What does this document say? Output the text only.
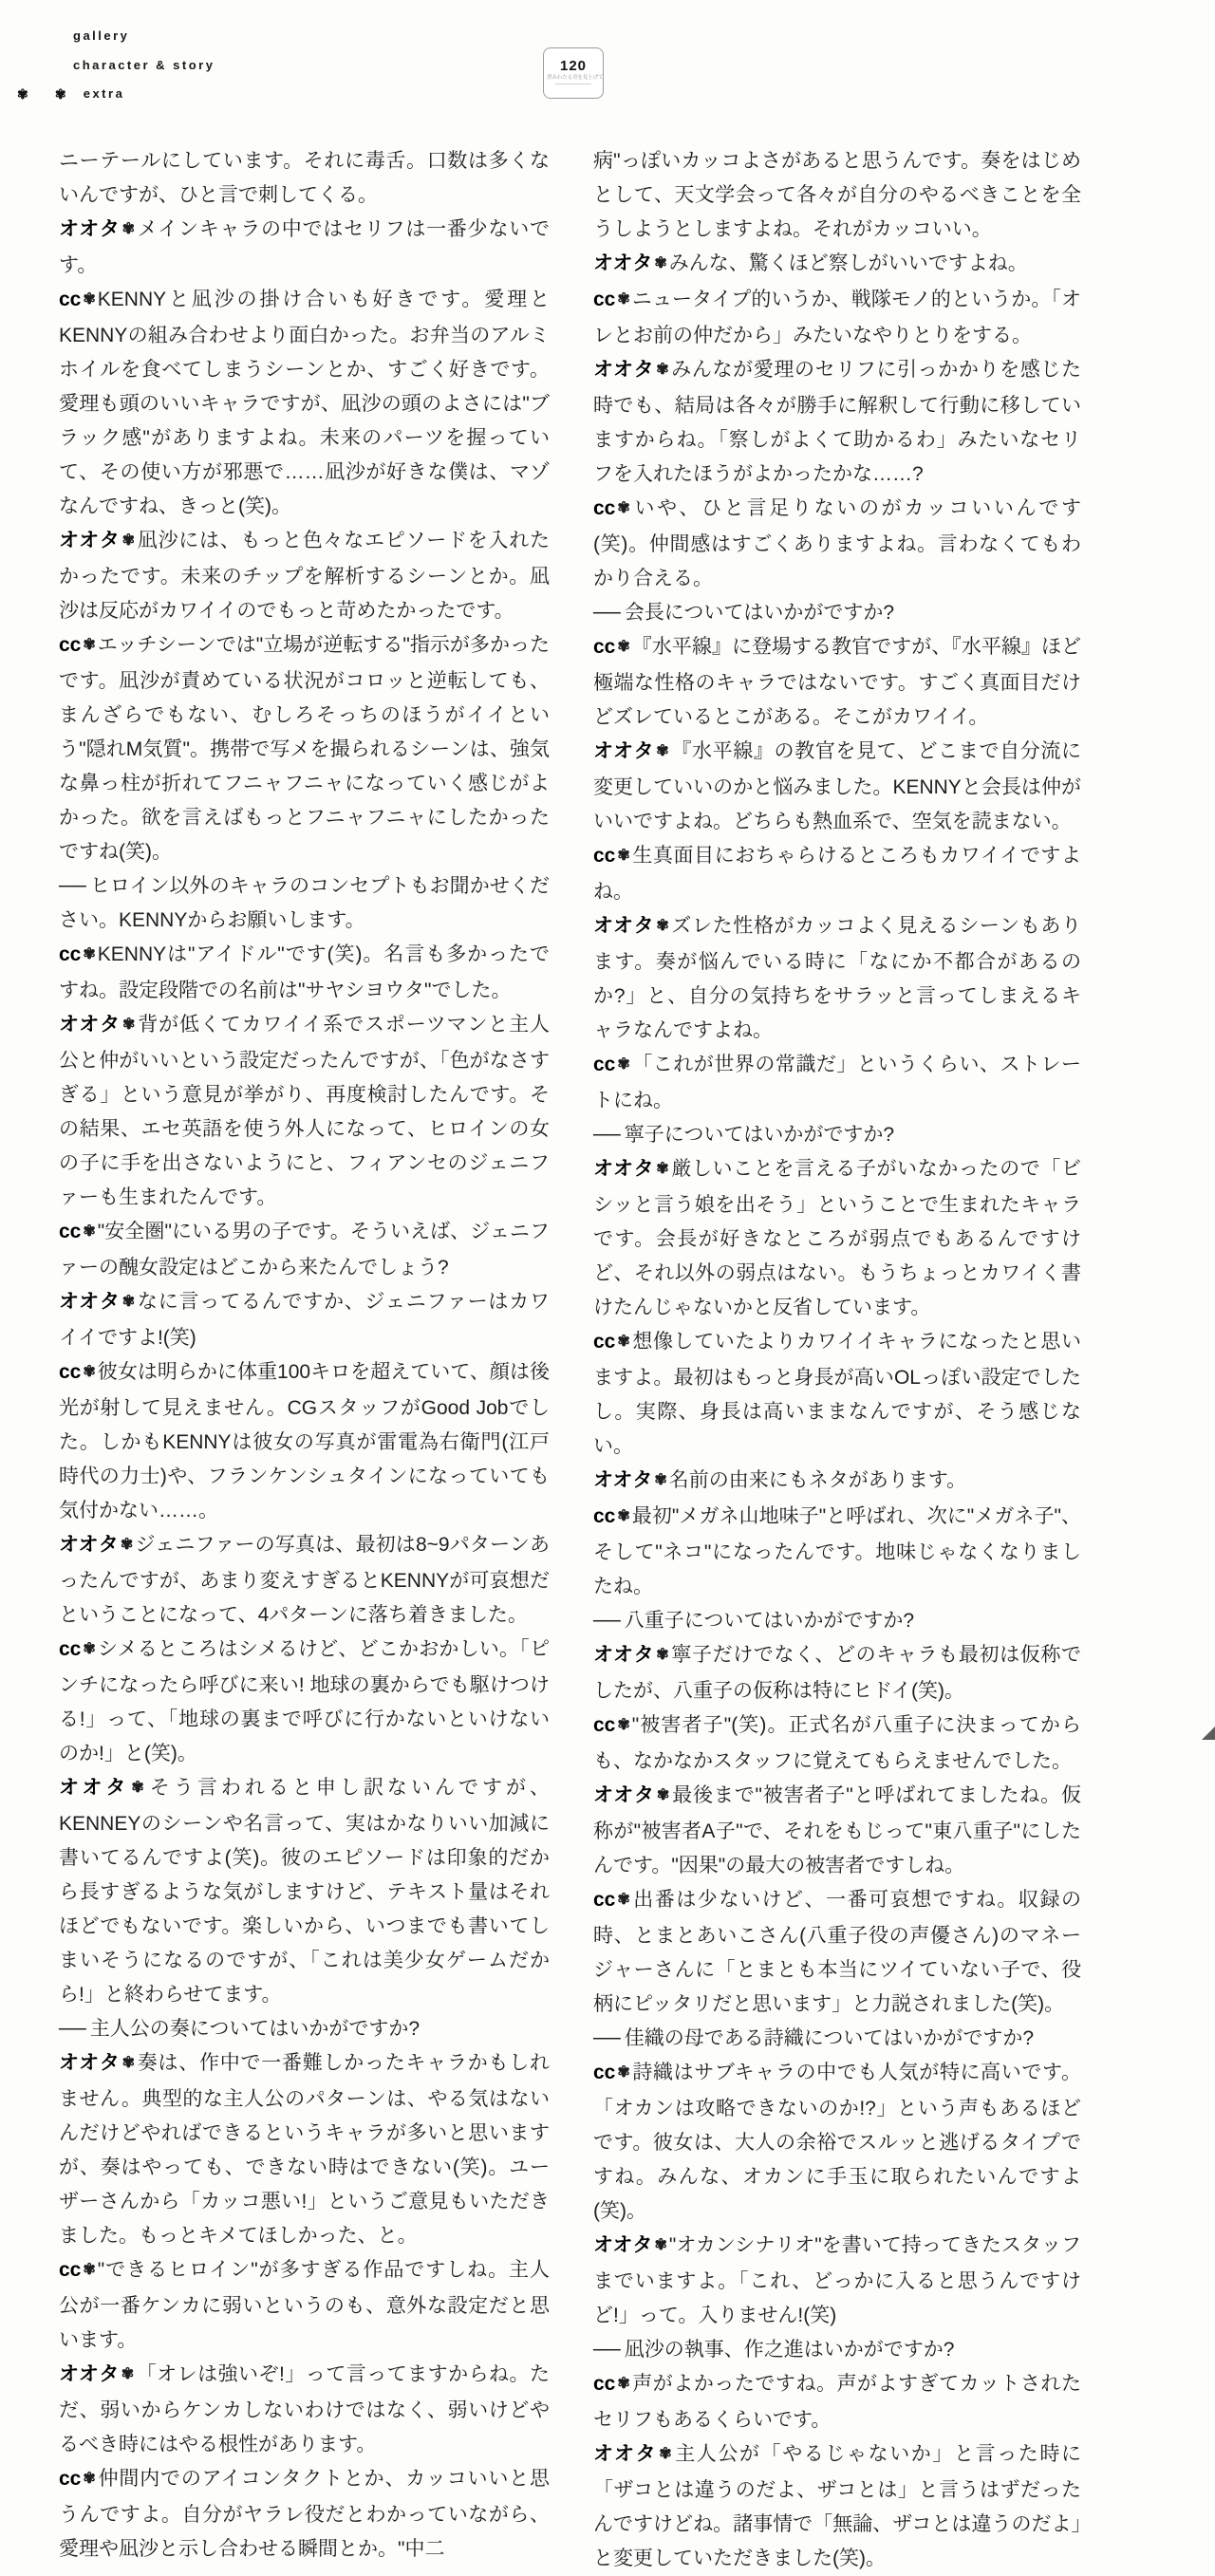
gallery
character & story
✾ ✾ extra
120
澄みわたる青を見上げて

ニーテールにしています。それに毒舌。口数は多くないんですが、ひと言で刺してくる。

オオタ ✾メインキャラの中ではセリフは一番少ないです。

cc ✾KENNYと凪沙の掛け合いも好きです。愛理とKENNYの組み合わせより面白かった。お弁当のアルミホイルを食べてしまうシーンとか、すごく好きです。愛理も頭のいいキャラですが、凪沙の頭のよさには"ブラック感"がありますよね。未来のパーツを握っていて、その使い方が邪悪で……凪沙が好きな僕は、マゾなんですね、きっと(笑)。

オオタ ✾凪沙には、もっと色々なエピソードを入れたかったです。未来のチップを解析するシーンとか。凪沙は反応がカワイイのでもっと苛めたかったです。

cc ✾エッチシーンでは"立場が逆転する"指示が多かったです。凪沙が責めている状況がコロッと逆転しても、まんざらでもない、むしろそっちのほうがイイという"隠れM気質"。携帯で写メを撮られるシーンは、強気な鼻っ柱が折れてフニャフニャになっていく感じがよかった。欲を言えばもっとフニャフニャにしたかったですね(笑)。

── ヒロイン以外のキャラのコンセプトもお聞かせください。KENNYからお願いします。

cc ✾KENNYは"アイドル"です(笑)。名言も多かったですね。設定段階での名前は"サヤシヨウタ"でした。

オオタ ✾背が低くてカワイイ系でスポーツマンと主人公と仲がいいという設定だったんですが、「色がなさすぎる」という意見が挙がり、再度検討したんです。その結果、エセ英語を使う外人になって、ヒロインの女の子に手を出さないようにと、フィアンセのジェニファーも生まれたんです。

cc ✾"安全圏"にいる男の子です。そういえば、ジェニファーの醜女設定はどこから来たんでしょう?

オオタ ✾なに言ってるんですか、ジェニファーはカワイイですよ!(笑)

cc ✾彼女は明らかに体重100キロを超えていて、顔は後光が射して見えません。CGスタッフがGood Jobでした。しかもKENNYは彼女の写真が雷電為右衛門(江戸時代の力士)や、フランケンシュタインになっていても気付かない……。

オオタ ✾ジェニファーの写真は、最初は8~9パターンあったんですが、あまり変えすぎるとKENNYが可哀想だということになって、4パターンに落ち着きました。

cc ✾シメるところはシメるけど、どこかおかしい。「ピンチになったら呼びに来い! 地球の裏からでも駆けつける!」って、「地球の裏まで呼びに行かないといけないのか!」と(笑)。

オオタ ✾そう言われると申し訳ないんですが、KENNEYのシーンや名言って、実はかなりいい加減に書いてるんですよ(笑)。彼のエピソードは印象的だから長すぎるような気がしますけど、テキスト量はそれほどでもないです。楽しいから、いつまでも書いてしまいそうになるのですが、「これは美少女ゲームだから!」と終わらせてます。

── 主人公の奏についてはいかがですか?

オオタ ✾奏は、作中で一番難しかったキャラかもしれません。典型的な主人公のパターンは、やる気はないんだけどやればできるというキャラが多いと思いますが、奏はやっても、できない時はできない(笑)。ユーザーさんから「カッコ悪い!」というご意見もいただきました。もっとキメてほしかった、と。

cc ✾"できるヒロイン"が多すぎる作品ですしね。主人公が一番ケンカに弱いというのも、意外な設定だと思います。

オオタ ✾「オレは強いぞ!」って言ってますからね。ただ、弱いからケンカしないわけではなく、弱いけどやるべき時にはやる根性があります。

cc ✾仲間内でのアイコンタクトとか、カッコいいと思うんですよ。自分がヤラレ役だとわかっていながら、愛理や凪沙と示し合わせる瞬間とか。"中二

病"っぽいカッコよさがあると思うんです。奏をはじめとして、天文学会って各々が自分のやるべきことを全うしようとしますよね。それがカッコいい。

オオタ ✾みんな、驚くほど察しがいいですよね。

cc ✾ニュータイプ的いうか、戦隊モノ的というか。「オレとお前の仲だから」みたいなやりとりをする。

オオタ ✾みんなが愛理のセリフに引っかかりを感じた時でも、結局は各々が勝手に解釈して行動に移していますからね。「察しがよくて助かるわ」みたいなセリフを入れたほうがよかったかな……?

cc ✾いや、ひと言足りないのがカッコいいんです(笑)。仲間感はすごくありますよね。言わなくてもわかり合える。

── 会長についてはいかがですか?

cc ✾『水平線』に登場する教官ですが、『水平線』ほど極端な性格のキャラではないです。すごく真面目だけどズレているとこがある。そこがカワイイ。

オオタ ✾『水平線』の教官を見て、どこまで自分流に変更していいのかと悩みました。KENNYと会長は仲がいいですよね。どちらも熱血系で、空気を読まない。

cc ✾生真面目におちゃらけるところもカワイイですよね。

オオタ ✾ズレた性格がカッコよく見えるシーンもあります。奏が悩んでいる時に「なにか不都合があるのか?」と、自分の気持ちをサラッと言ってしまえるキャラなんですよね。

cc ✾「これが世界の常識だ」というくらい、ストレートにね。

── 寧子についてはいかがですか?

オオタ ✾厳しいことを言える子がいなかったので「ビシッと言う娘を出そう」ということで生まれたキャラです。会長が好きなところが弱点でもあるんですけど、それ以外の弱点はない。もうちょっとカワイく書けたんじゃないかと反省しています。

cc ✾想像していたよりカワイイキャラになったと思いますよ。最初はもっと身長が高いOLっぽい設定でしたし。実際、身長は高いままなんですが、そう感じない。

オオタ ✾名前の由来にもネタがあります。

cc ✾最初"メガネ山地味子"と呼ばれ、次に"メガネ子"、そして"ネコ"になったんです。地味じゃなくなりましたね。

── 八重子についてはいかがですか?

オオタ ✾寧子だけでなく、どのキャラも最初は仮称でしたが、八重子の仮称は特にヒドイ(笑)。

cc ✾"被害者子"(笑)。正式名が八重子に決まってからも、なかなかスタッフに覚えてもらえませんでした。

オオタ ✾最後まで"被害者子"と呼ばれてましたね。仮称が"被害者A子"で、それをもじって"東八重子"にしたんです。"因果"の最大の被害者ですしね。

cc ✾出番は少ないけど、一番可哀想ですね。収録の時、とまとあいこさん(八重子役の声優さん)のマネージャーさんに「とまとも本当にツイていない子で、役柄にピッタリだと思います」と力説されました(笑)。

── 佳織の母である詩織についてはいかがですか?

cc ✾詩織はサブキャラの中でも人気が特に高いです。「オカンは攻略できないのか!?」という声もあるほどです。彼女は、大人の余裕でスルッと逃げるタイプですね。みんな、オカンに手玉に取られたいんですよ(笑)。

オオタ ✾"オカンシナリオ"を書いて持ってきたスタッフまでいますよ。「これ、どっかに入ると思うんですけど!」って。入りません!(笑)

── 凪沙の執事、作之進はいかがですか?

cc ✾声がよかったですね。声がよすぎてカットされたセリフもあるくらいです。

オオタ ✾主人公が「やるじゃないか」と言った時に「ザコとは違うのだよ、ザコとは」と言うはずだったんですけどね。諸事情で「無論、ザコとは違うのだよ」と変更していただきました(笑)。
